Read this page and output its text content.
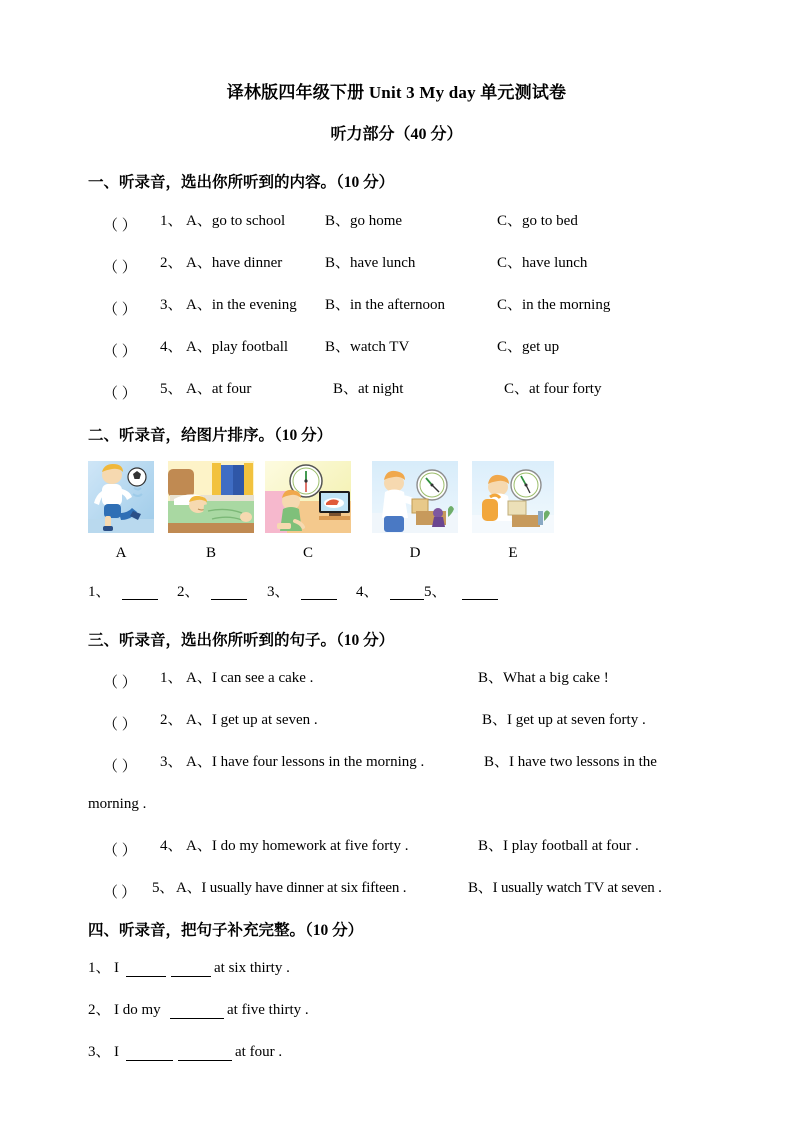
译林版四年级下册 Unit 3 My day 单元测试卷
听力部分（40 分）
一、听录音，选出你所听到的内容。（10 分）
（ ） 1、 A、go to school	B、go home	C、go to bed
（ ） 2、 A、have dinner	B、have lunch	C、have lunch
（ ） 3、 A、in the evening B、in the afternoon	C、in the morning
（ ） 4、 A、play football B、watch TV	C、get up
（ ） 5、 A、at four	B、at night	C、at four forty
二、听录音，给图片排序。（10 分）
A	B	C	D	E
1、	2、	3、	4、	5、
三、听录音，选出你所听到的句子。（10 分）
（ ） 1、 A、I can see a cake .	B、What a big cake !
（ ） 2、 A、I get up at seven .	B、I get up at seven forty .
（ ） 3、 A、I have four lessons in the morning .	B、I have two lessons in the
morning .
（ ） 4、 A、I do my homework at five forty .	B、I play football at four .
（ ） 5、 A、I usually have dinner at six fifteen .	B、I usually watch TV at seven .
四、听录音，把句子补充完整。（10 分）
1、 I	at six thirty .
2、 I do my	at five thirty .
3、 I	at four .
